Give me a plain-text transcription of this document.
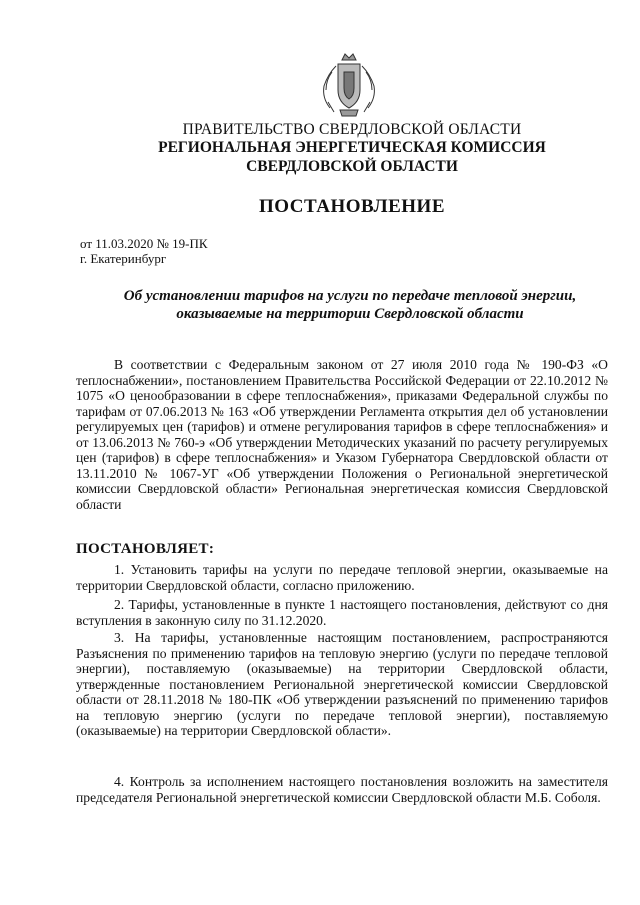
ПРАВИТЕЛЬСТВО СВЕРДЛОВСКОЙ ОБЛАСТИ
РЕГИОНАЛЬНАЯ ЭНЕРГЕТИЧЕСКАЯ КОМИССИЯ
СВЕРДЛОВСКОЙ ОБЛАСТИ
ПОСТАНОВЛЕНИЕ
от 11.03.2020 № 19-ПК
г. Екатеринбург
Об установлении тарифов на услуги по передаче тепловой энергии, оказываемые на территории Свердловской области
В соответствии с Федеральным законом от 27 июля 2010 года № 190-ФЗ «О теплоснабжении», постановлением Правительства Российской Федерации от 22.10.2012 № 1075 «О ценообразовании в сфере теплоснабжения», приказами Федеральной службы по тарифам от 07.06.2013 № 163 «Об утверждении Регламента открытия дел об установлении регулируемых цен (тарифов) и отмене регулирования тарифов в сфере теплоснабжения» и от 13.06.2013 № 760-э «Об утверждении Методических указаний по расчету регулируемых цен (тарифов) в сфере теплоснабжения» и Указом Губернатора Свердловской области от 13.11.2010 № 1067-УГ «Об утверждении Положения о Региональной энергетической комиссии Свердловской области» Региональная энергетическая комиссия Свердловской области
ПОСТАНОВЛЯЕТ:
1. Установить тарифы на услуги по передаче тепловой энергии, оказываемые на территории Свердловской области, согласно приложению.
2. Тарифы, установленные в пункте 1 настоящего постановления, действуют со дня вступления в законную силу по 31.12.2020.
3. На тарифы, установленные настоящим постановлением, распространяются Разъяснения по применению тарифов на тепловую энергию (услуги по передаче тепловой энергии), поставляемую (оказываемые) на территории Свердловской области, утвержденные постановлением Региональной энергетической комиссии Свердловской области от 28.11.2018 № 180-ПК «Об утверждении разъяснений по применению тарифов на тепловую энергию (услуги по передаче тепловой энергии), поставляемую (оказываемые) на территории Свердловской области».
4. Контроль за исполнением настоящего постановления возложить на заместителя председателя Региональной энергетической комиссии Свердловской области М.Б. Соболя.
